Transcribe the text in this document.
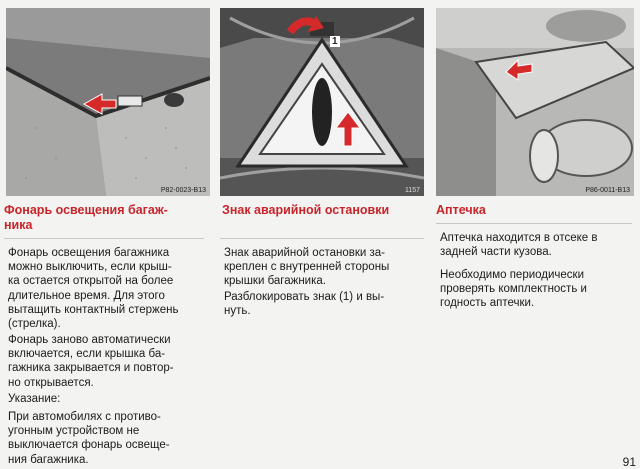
P82-0023-B13
Фонарь освещения багаж-
ника

Фонарь освещения багажника
можно выключить, если крыш-
ка остается открытой на более
длительное время. Для этого
вытащить контактный стержень
(стрелка).

Фонарь заново автоматически
включается, если крышка ба-
гажника закрывается и повтор-
но открывается.

Указание:

При автомобилях с противо-
угонным устройством не
выключается фонарь освеще-
ния багажника.

1
1157
Знак аварийной остановки

Знак аварийной остановки за-
креплен с внутренней стороны
крышки багажника.

Разблокировать знак (1) и вы-
нуть.

P86-0011-B13
Аптечка

Аптечка находится в отсеке в
задней части кузова.

Необходимо периодически
проверять комплектность и
годность аптечки.

91
